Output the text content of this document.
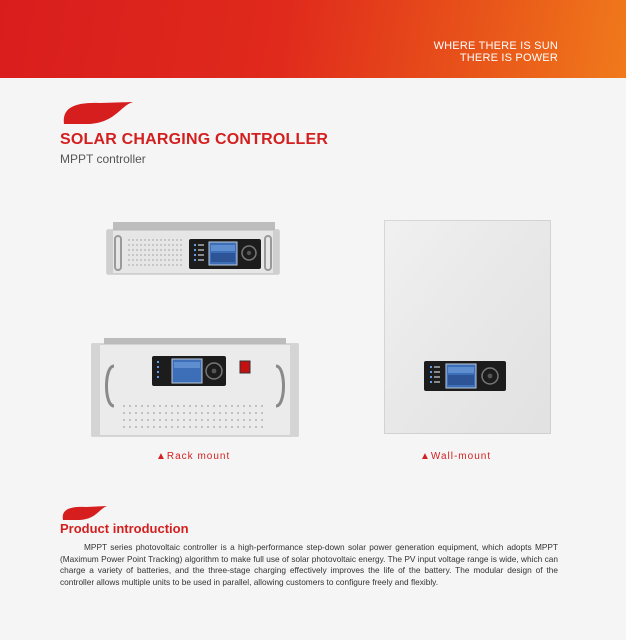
WHERE THERE IS SUN
THERE IS POWER
SOLAR CHARGING CONTROLLER
MPPT controller
▲Rack mount	▲Wall-mount
Product introduction

MPPT series photovoltaic controller is a high-performance step-down solar power generation equipment, which adopts MPPT (Maximum Power Point Tracking) algorithm to make full use of solar photovoltaic energy. The PV input voltage range is wide, which can charge a variety of batteries, and the three-stage charging effectively improves the life of the battery. The modular design of the controller allows multiple units to be used in parallel, allowing customers to configure freely and flexibly.
